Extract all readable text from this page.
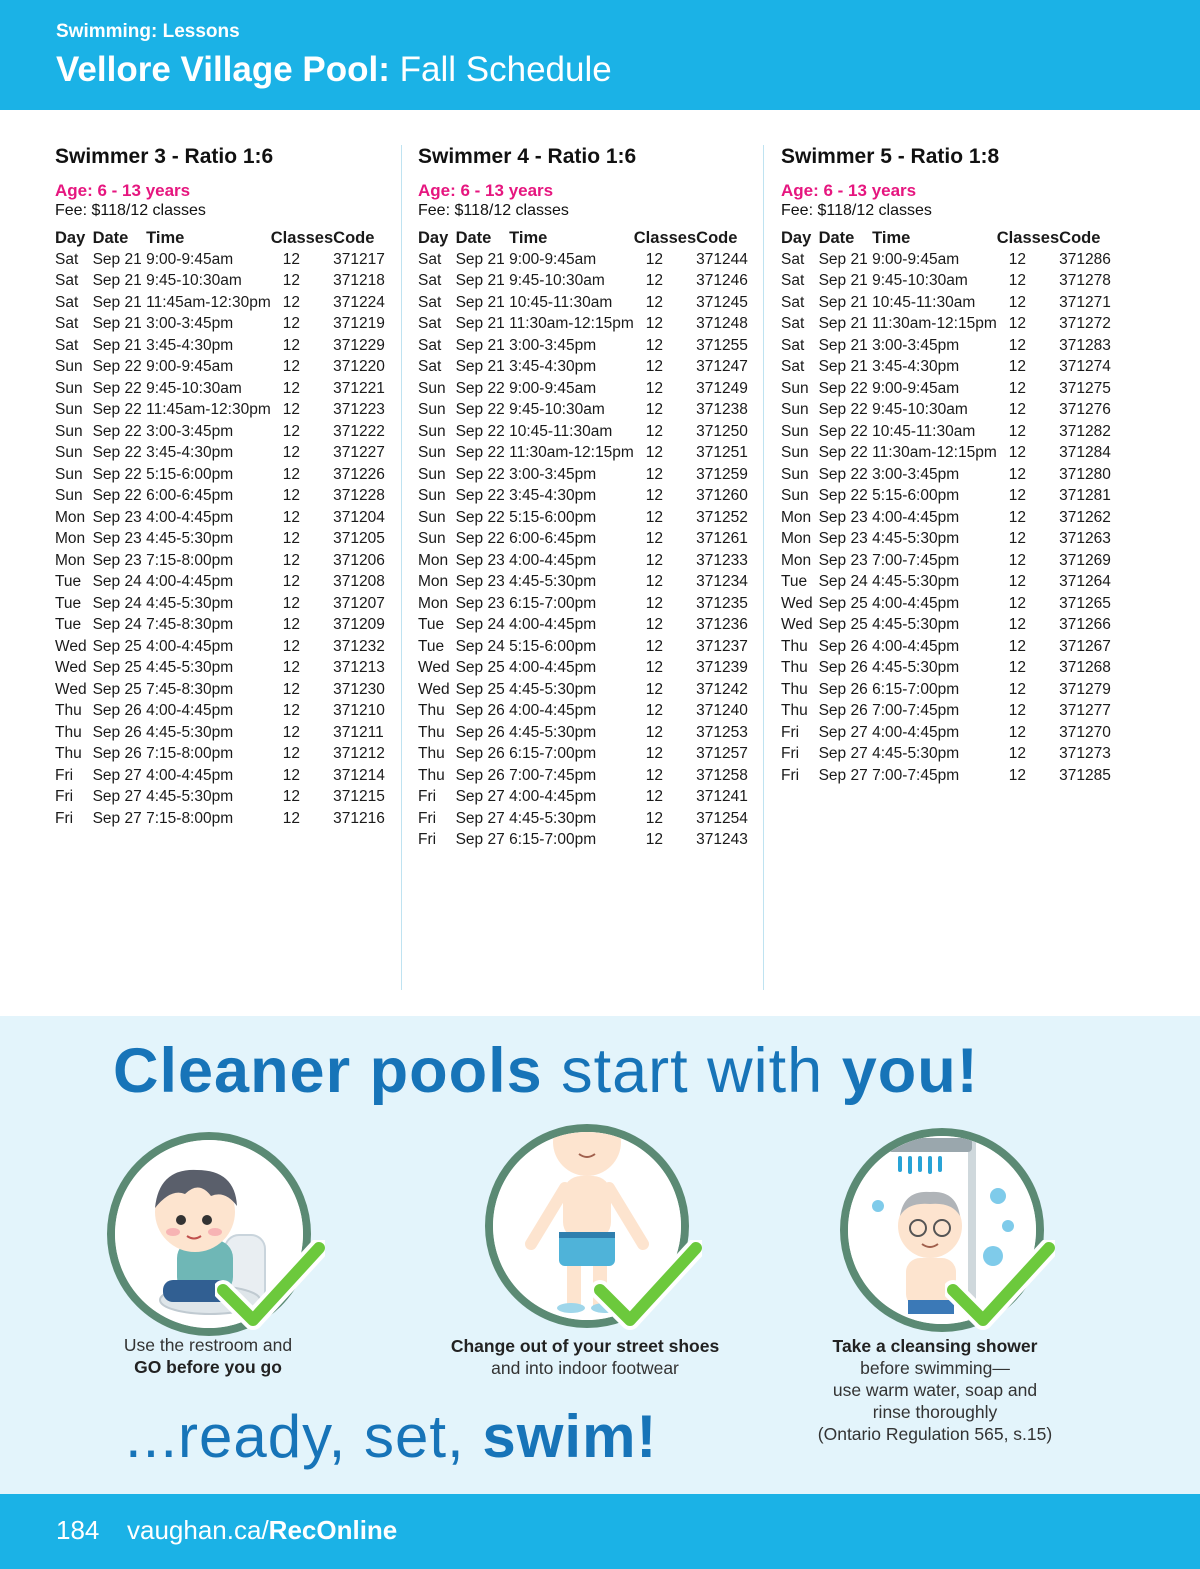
Swimming: Lessons
Vellore Village Pool: Fall Schedule
Swimmer 3 - Ratio 1:6
Age: 6 - 13 years
Fee: $118/12 classes
Day	Date	Time	Classes	Code
Sat	Sep 21	9:00-9:45am	12	371217
Sat	Sep 21	9:45-10:30am	12	371218
Sat	Sep 21	11:45am-12:30pm	12	371224
Sat	Sep 21	3:00-3:45pm	12	371219
Sat	Sep 21	3:45-4:30pm	12	371229
Sun	Sep 22	9:00-9:45am	12	371220
Sun	Sep 22	9:45-10:30am	12	371221
Sun	Sep 22	11:45am-12:30pm	12	371223
Sun	Sep 22	3:00-3:45pm	12	371222
Sun	Sep 22	3:45-4:30pm	12	371227
Sun	Sep 22	5:15-6:00pm	12	371226
Sun	Sep 22	6:00-6:45pm	12	371228
Mon	Sep 23	4:00-4:45pm	12	371204
Mon	Sep 23	4:45-5:30pm	12	371205
Mon	Sep 23	7:15-8:00pm	12	371206
Tue	Sep 24	4:00-4:45pm	12	371208
Tue	Sep 24	4:45-5:30pm	12	371207
Tue	Sep 24	7:45-8:30pm	12	371209
Wed	Sep 25	4:00-4:45pm	12	371232
Wed	Sep 25	4:45-5:30pm	12	371213
Wed	Sep 25	7:45-8:30pm	12	371230
Thu	Sep 26	4:00-4:45pm	12	371210
Thu	Sep 26	4:45-5:30pm	12	371211
Thu	Sep 26	7:15-8:00pm	12	371212
Fri	Sep 27	4:00-4:45pm	12	371214
Fri	Sep 27	4:45-5:30pm	12	371215
Fri	Sep 27	7:15-8:00pm	12	371216
Swimmer 4 - Ratio 1:6
Age: 6 - 13 years
Fee: $118/12 classes
Day	Date	Time	Classes	Code
Sat	Sep 21	9:00-9:45am	12	371244
Sat	Sep 21	9:45-10:30am	12	371246
Sat	Sep 21	10:45-11:30am	12	371245
Sat	Sep 21	11:30am-12:15pm	12	371248
Sat	Sep 21	3:00-3:45pm	12	371255
Sat	Sep 21	3:45-4:30pm	12	371247
Sun	Sep 22	9:00-9:45am	12	371249
Sun	Sep 22	9:45-10:30am	12	371238
Sun	Sep 22	10:45-11:30am	12	371250
Sun	Sep 22	11:30am-12:15pm	12	371251
Sun	Sep 22	3:00-3:45pm	12	371259
Sun	Sep 22	3:45-4:30pm	12	371260
Sun	Sep 22	5:15-6:00pm	12	371252
Sun	Sep 22	6:00-6:45pm	12	371261
Mon	Sep 23	4:00-4:45pm	12	371233
Mon	Sep 23	4:45-5:30pm	12	371234
Mon	Sep 23	6:15-7:00pm	12	371235
Tue	Sep 24	4:00-4:45pm	12	371236
Tue	Sep 24	5:15-6:00pm	12	371237
Wed	Sep 25	4:00-4:45pm	12	371239
Wed	Sep 25	4:45-5:30pm	12	371242
Thu	Sep 26	4:00-4:45pm	12	371240
Thu	Sep 26	4:45-5:30pm	12	371253
Thu	Sep 26	6:15-7:00pm	12	371257
Thu	Sep 26	7:00-7:45pm	12	371258
Fri	Sep 27	4:00-4:45pm	12	371241
Fri	Sep 27	4:45-5:30pm	12	371254
Fri	Sep 27	6:15-7:00pm	12	371243
Swimmer 5 - Ratio 1:8
Age: 6 - 13 years
Fee: $118/12 classes
Day	Date	Time	Classes	Code
Sat	Sep 21	9:00-9:45am	12	371286
Sat	Sep 21	9:45-10:30am	12	371278
Sat	Sep 21	10:45-11:30am	12	371271
Sat	Sep 21	11:30am-12:15pm	12	371272
Sat	Sep 21	3:00-3:45pm	12	371283
Sat	Sep 21	3:45-4:30pm	12	371274
Sun	Sep 22	9:00-9:45am	12	371275
Sun	Sep 22	9:45-10:30am	12	371276
Sun	Sep 22	10:45-11:30am	12	371282
Sun	Sep 22	11:30am-12:15pm	12	371284
Sun	Sep 22	3:00-3:45pm	12	371280
Sun	Sep 22	5:15-6:00pm	12	371281
Mon	Sep 23	4:00-4:45pm	12	371262
Mon	Sep 23	4:45-5:30pm	12	371263
Mon	Sep 23	7:00-7:45pm	12	371269
Tue	Sep 24	4:45-5:30pm	12	371264
Wed	Sep 25	4:00-4:45pm	12	371265
Wed	Sep 25	4:45-5:30pm	12	371266
Thu	Sep 26	4:00-4:45pm	12	371267
Thu	Sep 26	4:45-5:30pm	12	371268
Thu	Sep 26	6:15-7:00pm	12	371279
Thu	Sep 26	7:00-7:45pm	12	371277
Fri	Sep 27	4:00-4:45pm	12	371270
Fri	Sep 27	4:45-5:30pm	12	371273
Fri	Sep 27	7:00-7:45pm	12	371285
Cleaner pools start with you!
Use the restroom and
GO before you go
Change out of your street shoes
and into indoor footwear
Take a cleansing shower
before swimming—
use warm water, soap and
rinse thoroughly
(Ontario Regulation 565, s.15)
...ready, set, swim!
184 vaughan.ca/RecOnline
